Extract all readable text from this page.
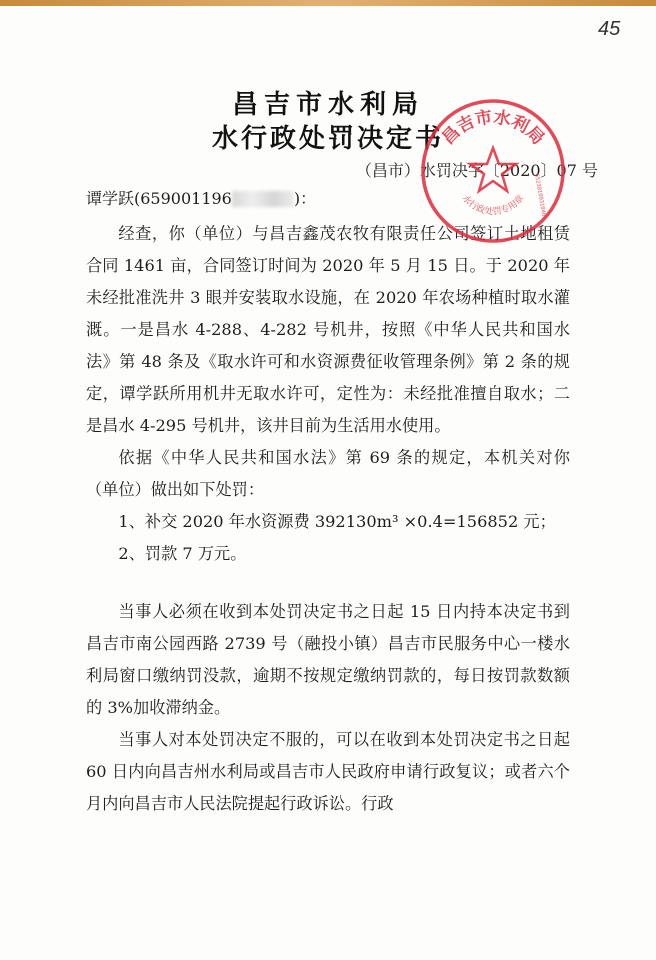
45
昌吉市水利局
水行政处罚决定书
（昌市）水罚决字〔2020〕07 号
谭学跃(659001196	)：

经查，你（单位）与昌吉鑫茂农牧有限责任公司签订土地租赁合同 1461 亩，合同签订时间为 2020 年 5 月 15 日。于 2020 年未经批准洗井 3 眼并安装取水设施，在 2020 年农场种植时取水灌溉。一是昌水 4-288、4-282 号机井，按照《中华人民共和国水法》第 48 条及《取水许可和水资源费征收管理条例》第 2 条的规定，谭学跃所用机井无取水许可，定性为：未经批准擅自取水；二是昌水 4-295 号机井，该井目前为生活用水使用。

依据《中华人民共和国水法》第 69 条的规定，本机关对你（单位）做出如下处罚：

1、补交 2020 年水资源费 392130m³ ×0.4=156852 元；

2、罚款 7 万元。

当事人必须在收到本处罚决定书之日起 15 日内持本决定书到昌吉市南公园西路 2739 号（融投小镇）昌吉市民服务中心一楼水利局窗口缴纳罚没款，逾期不按规定缴纳罚款的，每日按罚款数额的 3%加收滞纳金。

当事人对本处罚决定不服的，可以在收到本处罚决定书之日起 60 日内向昌吉州水利局或昌吉市人民政府申请行政复议；或者六个月内向昌吉市人民法院提起行政诉讼。行政

昌吉市水利局
水行政处罚专用章 6523010031046
